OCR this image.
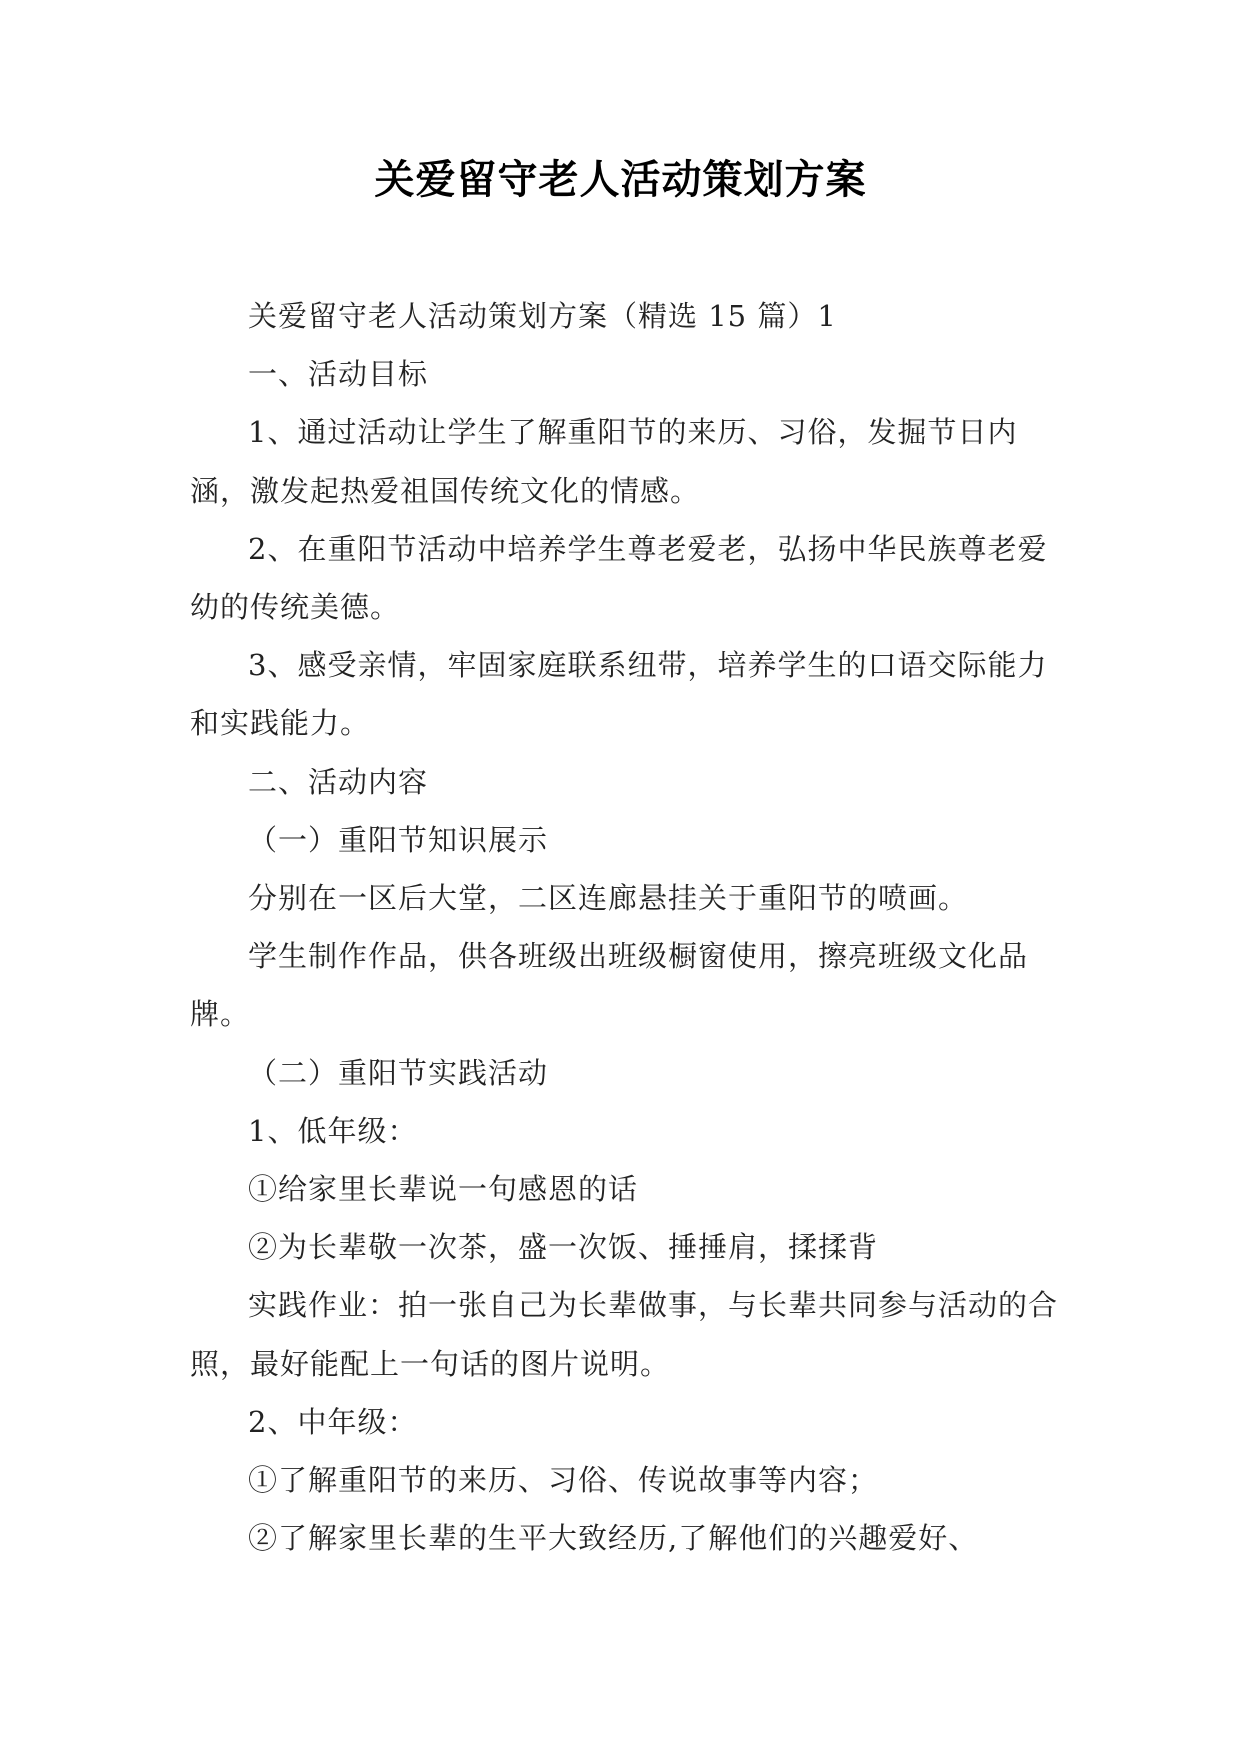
关爱留守老人活动策划方案

关爱留守老人活动策划方案（精选 15 篇）1

一、活动目标

1、通过活动让学生了解重阳节的来历、习俗，发掘节日内涵，激发起热爱祖国传统文化的情感。

2、在重阳节活动中培养学生尊老爱老，弘扬中华民族尊老爱幼的传统美德。

3、感受亲情，牢固家庭联系纽带，培养学生的口语交际能力和实践能力。

二、活动内容

（一）重阳节知识展示

分别在一区后大堂，二区连廊悬挂关于重阳节的喷画。

学生制作作品，供各班级出班级橱窗使用，擦亮班级文化品牌。

（二）重阳节实践活动

1、低年级：

①给家里长辈说一句感恩的话

②为长辈敬一次茶，盛一次饭、捶捶肩，揉揉背

实践作业：拍一张自己为长辈做事，与长辈共同参与活动的合照，最好能配上一句话的图片说明。

2、中年级：

①了解重阳节的来历、习俗、传说故事等内容；

②了解家里长辈的生平大致经历,了解他们的兴趣爱好、
